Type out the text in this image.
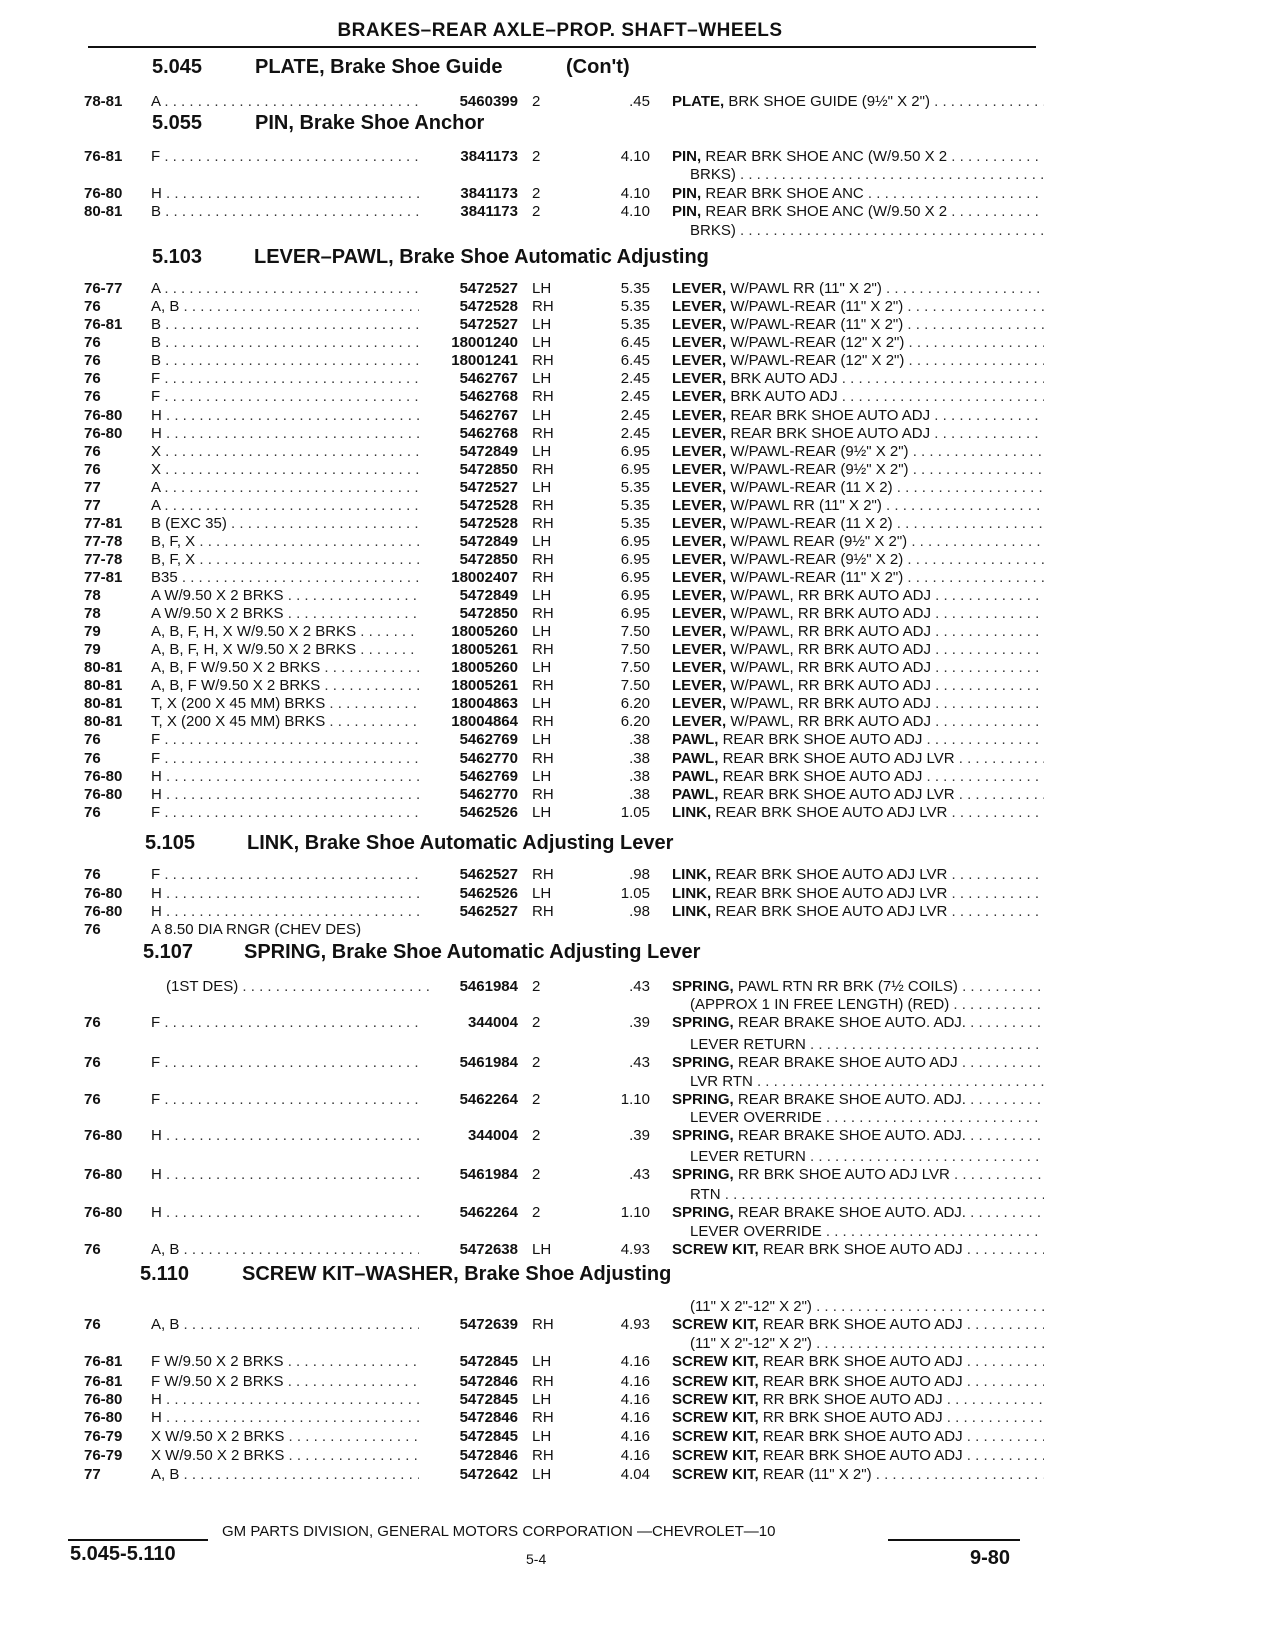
BRAKES–REAR AXLE–PROP. SHAFT–WHEELS
5.045	PLATE, Brake Shoe Guide	(Con't)
5.055	PIN, Brake Shoe Anchor
5.103	LEVER–PAWL, Brake Shoe Automatic Adjusting
5.105	LINK, Brake Shoe Automatic Adjusting Lever
5.107	SPRING, Brake Shoe Automatic Adjusting Lever
5.110	SCREW KIT–WASHER, Brake Shoe Adjusting
78-81 A . . .	5460399 2	.45 PLATE, BRK SHOE GUIDE (9½" X 2") . . .
76-81 F . . .	3841173 2	4.10 PIN, REAR BRK SHOE ANC (W/9.50 X 2 . . .
BRKS) . . .
76-80 H . . .	3841173 2	4.10 PIN, REAR BRK SHOE ANC . . .
80-81 B . . .	3841173 2	4.10 PIN, REAR BRK SHOE ANC (W/9.50 X 2 . . .
BRKS) . . .
76-77 A . . .	5472527 LH	5.35 LEVER, W/PAWL RR (11" X 2") . . .
76	A, B . . .	5472528 RH	5.35 LEVER, W/PAWL-REAR (11" X 2") . . .
76-81 B . . .	5472527 LH	5.35 LEVER, W/PAWL-REAR (11" X 2") . . .
76	B . . .	18001240 LH	6.45 LEVER, W/PAWL-REAR (12" X 2") . . .
76	B . . .	18001241 RH	6.45 LEVER, W/PAWL-REAR (12" X 2") . . .
76	F . . .	5462767 LH	2.45 LEVER, BRK AUTO ADJ . . .
76	F . . .	5462768 RH	2.45 LEVER, BRK AUTO ADJ . . .
76-80 H . . .	5462767 LH	2.45 LEVER, REAR BRK SHOE AUTO ADJ . . .
76-80 H . . .	5462768 RH	2.45 LEVER, REAR BRK SHOE AUTO ADJ . . .
76	X . . .	5472849 LH	6.95 LEVER, W/PAWL-REAR (9½" X 2") . . .
76	X . . .	5472850 RH	6.95 LEVER, W/PAWL-REAR (9½" X 2") . . .
77	A . . .	5472527 LH	5.35 LEVER, W/PAWL-REAR (11 X 2) . . .
77	A . . .	5472528 RH	5.35 LEVER, W/PAWL RR (11" X 2") . . .
77-81 B (EXC 35) . . .	5472528 RH	5.35 LEVER, W/PAWL-REAR (11 X 2) . . .
77-78 B, F, X . . .	5472849 LH	6.95 LEVER, W/PAWL REAR (9½" X 2") . . .
77-78 B, F, X . . .	5472850 RH	6.95 LEVER, W/PAWL-REAR (9½" X 2) . . .
77-81 B35 . . .	18002407 RH	6.95 LEVER, W/PAWL-REAR (11" X 2") . . .
78	A W/9.50 X 2 BRKS . . .	5472849 LH	6.95 LEVER, W/PAWL, RR BRK AUTO ADJ . . .
78	A W/9.50 X 2 BRKS . . .	5472850 RH	6.95 LEVER, W/PAWL, RR BRK AUTO ADJ . . .
79	A, B, F, H, X W/9.50 X 2 BRKS . . .	18005260 LH	7.50 LEVER, W/PAWL, RR BRK AUTO ADJ . . .
79	A, B, F, H, X W/9.50 X 2 BRKS . . .	18005261 RH	7.50 LEVER, W/PAWL, RR BRK AUTO ADJ . . .
80-81 A, B, F W/9.50 X 2 BRKS . . .	18005260 LH	7.50 LEVER, W/PAWL, RR BRK AUTO ADJ . . .
80-81 A, B, F W/9.50 X 2 BRKS . . .	18005261 RH	7.50 LEVER, W/PAWL, RR BRK AUTO ADJ . . .
80-81 T, X (200 X 45 MM) BRKS . . .	18004863 LH	6.20 LEVER, W/PAWL, RR BRK AUTO ADJ . . .
80-81 T, X (200 X 45 MM) BRKS . . .	18004864 RH	6.20 LEVER, W/PAWL, RR BRK AUTO ADJ . . .
76	F . . .	5462769 LH	.38 PAWL, REAR BRK SHOE AUTO ADJ . . .
76	F . . .	5462770 RH	.38 PAWL, REAR BRK SHOE AUTO ADJ LVR . . .
76-80 H . . .	5462769 LH	.38 PAWL, REAR BRK SHOE AUTO ADJ . . .
76-80 H . . .	5462770 RH	.38 PAWL, REAR BRK SHOE AUTO ADJ LVR . . .
76	F . . .	5462526 LH	1.05 LINK, REAR BRK SHOE AUTO ADJ LVR . . .
76	F . . .	5462527 RH	.98 LINK, REAR BRK SHOE AUTO ADJ LVR . . .
76-80 H . . .	5462526 LH	1.05 LINK, REAR BRK SHOE AUTO ADJ LVR . . .
76-80 H . . .	5462527 RH	.98 LINK, REAR BRK SHOE AUTO ADJ LVR . . .
76	A 8.50 DIA RNGR (CHEV DES)
(1ST DES) . . .	5461984 2	.43 SPRING, PAWL RTN RR BRK (7½ COILS) . . .
(APPROX 1 IN FREE LENGTH) (RED) . . .
76	F . . .	344004 2	.39 SPRING, REAR BRAKE SHOE AUTO. ADJ. . . .
LEVER RETURN . . .
76	F . . .	5461984 2	.43 SPRING, REAR BRAKE SHOE AUTO ADJ . . .
LVR RTN . . .
76	F . . .	5462264 2	1.10 SPRING, REAR BRAKE SHOE AUTO. ADJ. . . .
LEVER OVERRIDE . . .
76-80 H . . .	344004 2	.39 SPRING, REAR BRAKE SHOE AUTO. ADJ. . . .
LEVER RETURN . . .
76-80 H . . .	5461984 2	.43 SPRING, RR BRK SHOE AUTO ADJ LVR . . .
RTN . . .
76-80 H . . .	5462264 2	1.10 SPRING, REAR BRAKE SHOE AUTO. ADJ. . . .
LEVER OVERRIDE . . .
76	A, B . . .	5472638 LH	4.93 SCREW KIT, REAR BRK SHOE AUTO ADJ . . .
(11" X 2"-12" X 2") . . .
76	A, B . . .	5472639 RH	4.93 SCREW KIT, REAR BRK SHOE AUTO ADJ . . .
(11" X 2"-12" X 2") . . .
76-81 F W/9.50 X 2 BRKS . . .	5472845 LH	4.16 SCREW KIT, REAR BRK SHOE AUTO ADJ . . .
76-81 F W/9.50 X 2 BRKS . . .	5472846 RH	4.16 SCREW KIT, REAR BRK SHOE AUTO ADJ . . .
76-80 H . . .	5472845 LH	4.16 SCREW KIT, RR BRK SHOE AUTO ADJ . . .
76-80 H . . .	5472846 RH	4.16 SCREW KIT, RR BRK SHOE AUTO ADJ . . .
76-79 X W/9.50 X 2 BRKS . . .	5472845 LH	4.16 SCREW KIT, REAR BRK SHOE AUTO ADJ . . .
76-79 X W/9.50 X 2 BRKS . . .	5472846 RH	4.16 SCREW KIT, REAR BRK SHOE AUTO ADJ . . .
77	A, B . . .	5472642 LH	4.04 SCREW KIT, REAR (11" X 2") . . .
GM PARTS DIVISION, GENERAL MOTORS CORPORATION —CHEVROLET—10
5.045-5.110	5-4	9-80
